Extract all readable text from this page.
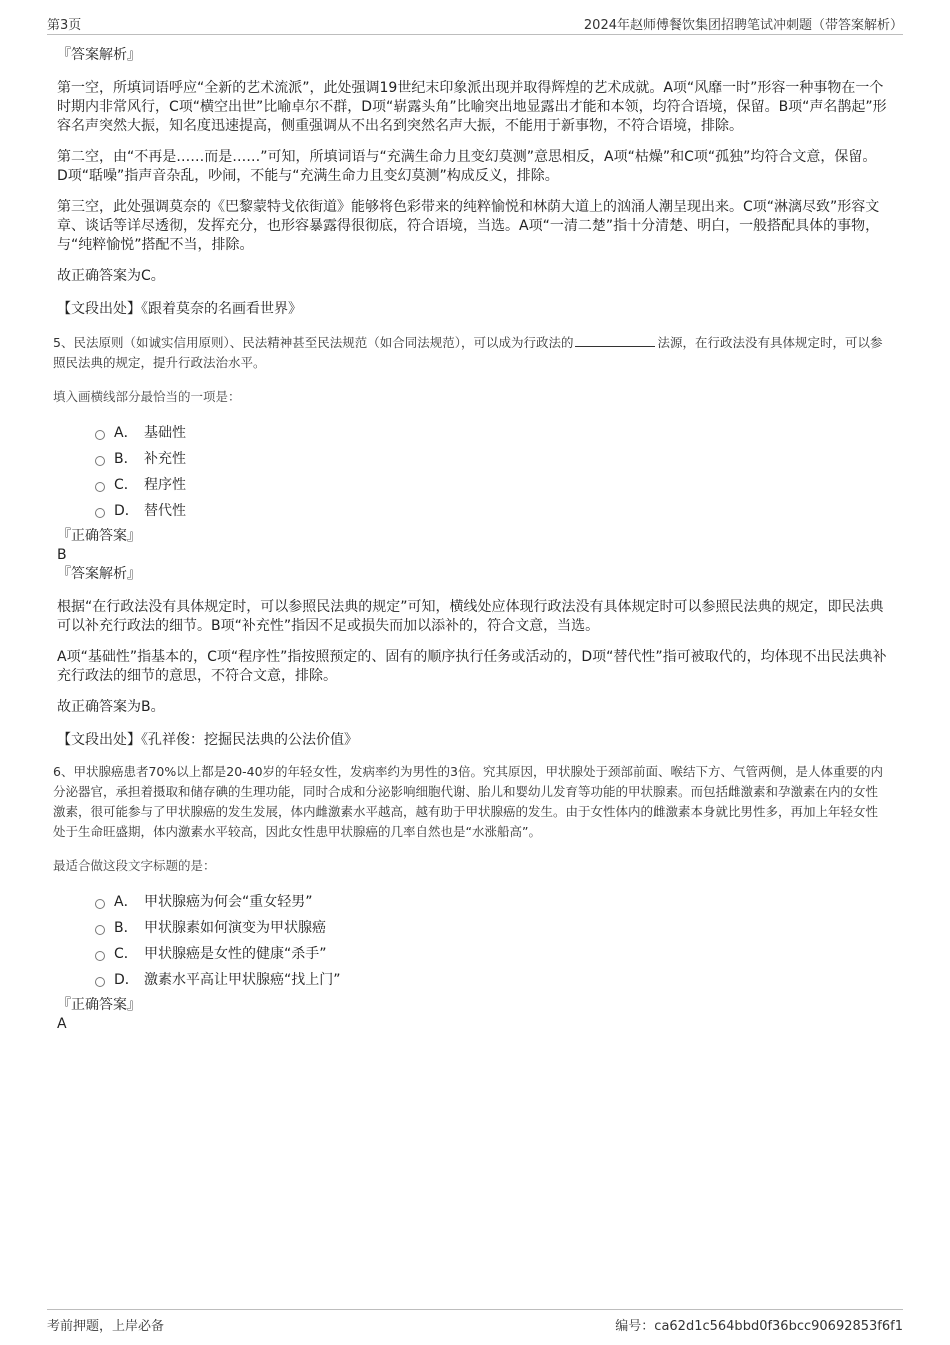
第3页	2024年赵师傅餐饮集团招聘笔试冲刺题（带答案解析）

『答案解析』

第一空，所填词语呼应“全新的艺术流派”，此处强调19世纪末印象派出现并取得辉煌的艺术成就。A项“风靡一时”形容一种事物在一个时期内非常风行，C项“横空出世”比喻卓尔不群，D项“崭露头角”比喻突出地显露出才能和本领，均符合语境，保留。B项“声名鹊起”形容名声突然大振，知名度迅速提高，侧重强调从不出名到突然名声大振，不能用于新事物，不符合语境，排除。

第二空，由“不再是……而是……”可知，所填词语与“充满生命力且变幻莫测”意思相反，A项“枯燥”和C项“孤独”均符合文意，保留。D项“聒噪”指声音杂乱，吵闹，不能与“充满生命力且变幻莫测”构成反义，排除。

第三空，此处强调莫奈的《巴黎蒙特戈依街道》能够将色彩带来的纯粹愉悦和林荫大道上的汹涌人潮呈现出来。C项“淋漓尽致”形容文章、谈话等详尽透彻，发挥充分，也形容暴露得很彻底，符合语境，当选。A项“一清二楚”指十分清楚、明白，一般搭配具体的事物，与“纯粹愉悦”搭配不当，排除。

故正确答案为C。

【文段出处】《跟着莫奈的名画看世界》

5、民法原则（如诚实信用原则）、民法精神甚至民法规范（如合同法规范），可以成为行政法的	法源，在行政法没有具体规定时，可以参照民法典的规定，提升行政法治水平。

填入画横线部分最恰当的一项是：

A． 基础性
B． 补充性
C． 程序性
D． 替代性

『正确答案』

B

『答案解析』

根据“在行政法没有具体规定时，可以参照民法典的规定”可知，横线处应体现行政法没有具体规定时可以参照民法典的规定，即民法典可以补充行政法的细节。B项“补充性”指因不足或损失而加以添补的，符合文意，当选。

A项“基础性”指基本的，C项“程序性”指按照预定的、固有的顺序执行任务或活动的，D项“替代性”指可被取代的，均体现不出民法典补充行政法的细节的意思，不符合文意，排除。

故正确答案为B。

【文段出处】《孔祥俊：挖掘民法典的公法价值》

6、甲状腺癌患者70%以上都是20-40岁的年轻女性，发病率约为男性的3倍。究其原因，甲状腺处于颈部前面、喉结下方、气管两侧，是人体重要的内分泌器官，承担着摄取和储存碘的生理功能，同时合成和分泌影响细胞代谢、胎儿和婴幼儿发育等功能的甲状腺素。而包括雌激素和孕激素在内的女性激素，很可能参与了甲状腺癌的发生发展，体内雌激素水平越高，越有助于甲状腺癌的发生。由于女性体内的雌激素本身就比男性多，再加上年轻女性处于生命旺盛期，体内激素水平较高，因此女性患甲状腺癌的几率自然也是“水涨船高”。

最适合做这段文字标题的是：

A． 甲状腺癌为何会“重女轻男”
B． 甲状腺素如何演变为甲状腺癌
C． 甲状腺癌是女性的健康“杀手”
D． 激素水平高让甲状腺癌“找上门”

『正确答案』

A

考前押题，上岸必备	编号：ca62d1c564bbd0f36bcc90692853f6f1
